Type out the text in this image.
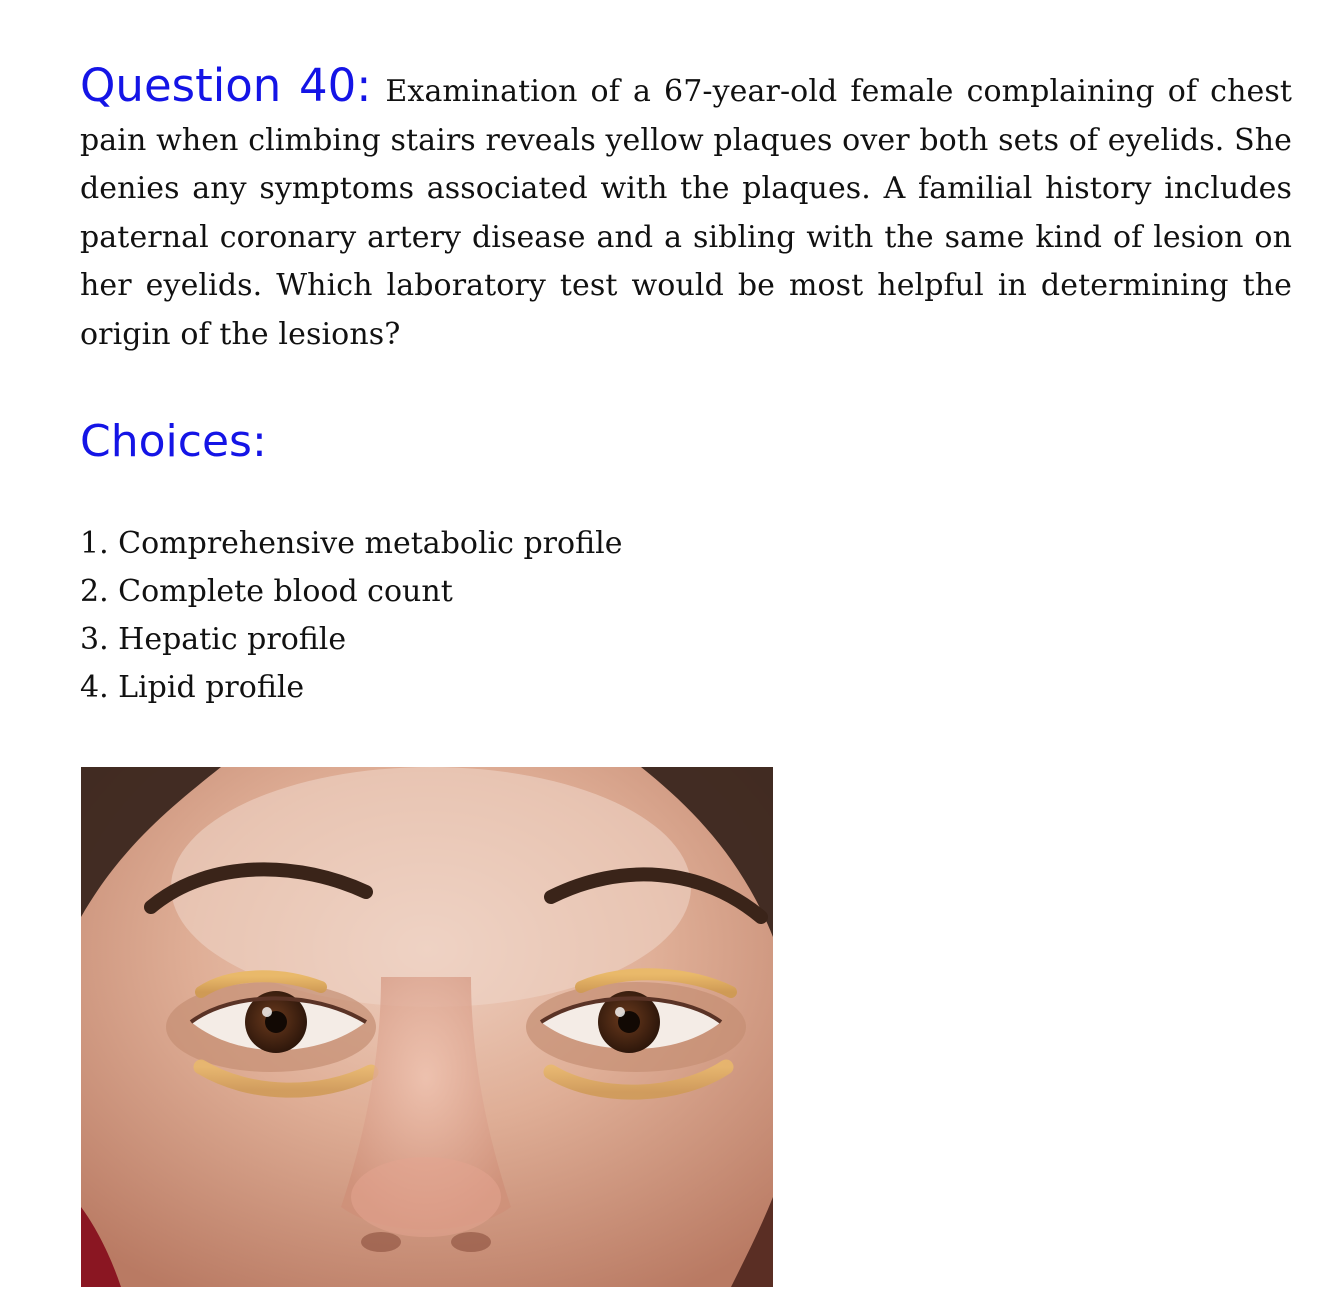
Question 40: Examination of a 67-year-old female complaining of chest pain when climbing stairs reveals yellow plaques over both sets of eyelids. She denies any symptoms associated with the plaques. A familial history includes paternal coronary artery disease and a sibling with the same kind of lesion on her eyelids. Which laboratory test would be most helpful in determining the origin of the lesions?

Choices:
1. Comprehensive metabolic profile
2. Complete blood count
3. Hepatic profile
4. Lipid profile
